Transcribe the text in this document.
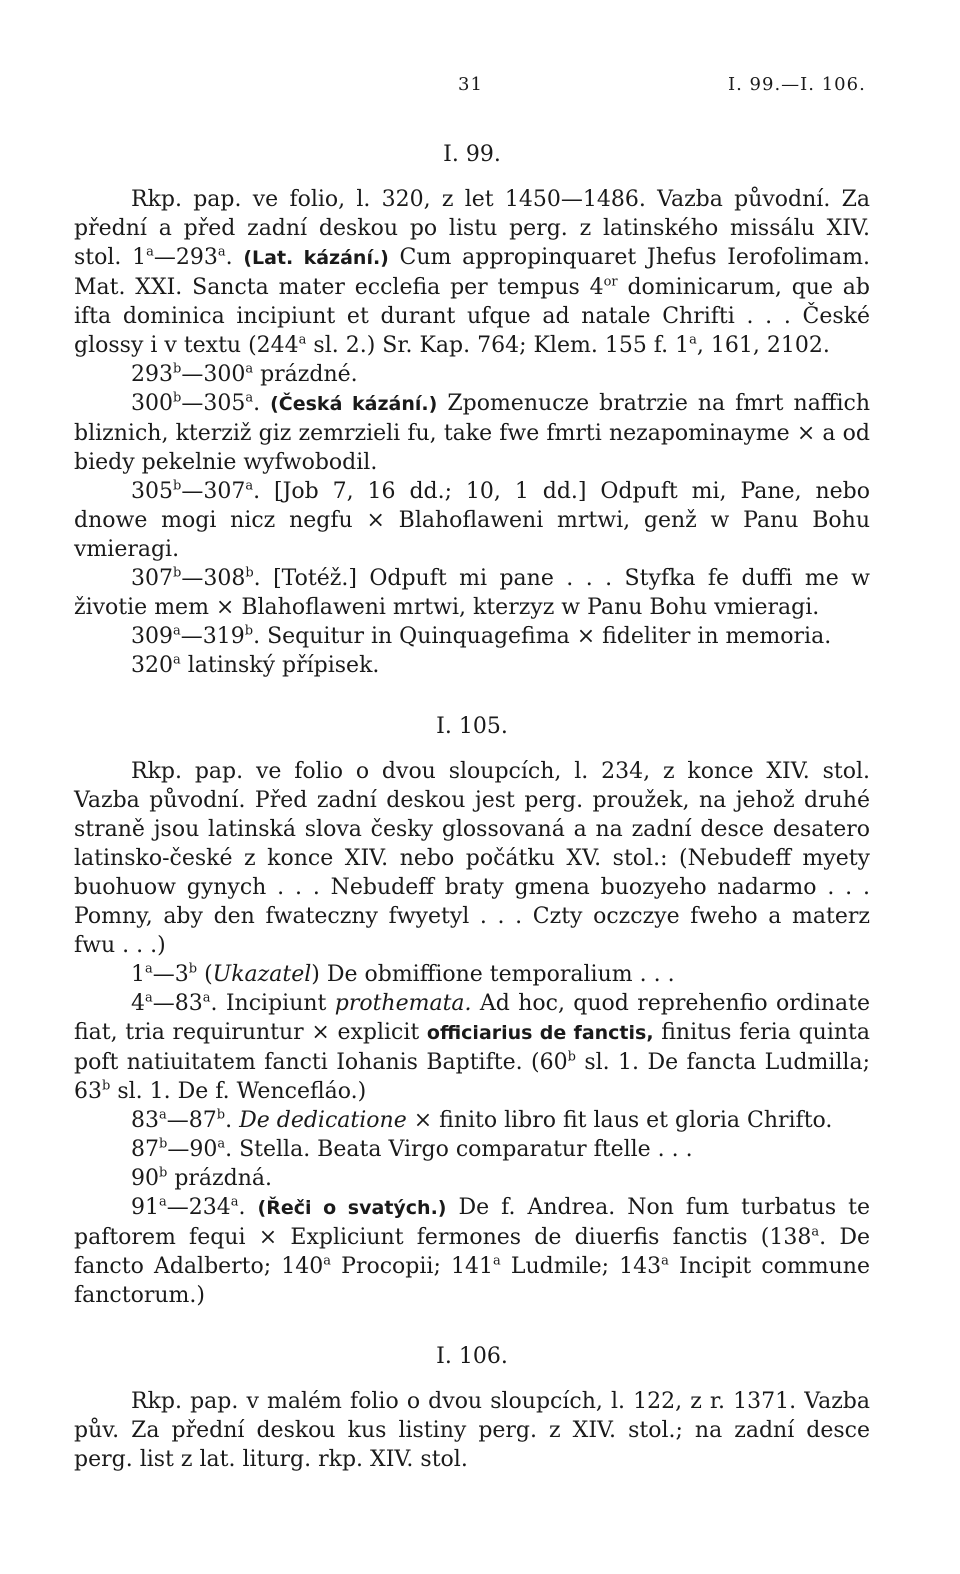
31	I. 99.—I. 106.

I. 99.

Rkp. pap. ve folio, l. 320, z let 1450—1486. Vazba původní. Za přední a před zadní deskou po listu perg. z latinského missálu XIV. stol. 1$^a$—293$^a$. (Lat. kázání.) Cum appropinquaret Jhefus Ierofolimam. Mat. XXI. Sancta mater ecclefia per tempus $4^{or}$ dominicarum, que ab ifta dominica incipiunt et durant ufque ad natale Chrifti . . . České glossy i v textu (244$^a$ sl. 2.) Sr. Kap. 764; Klem. 155 f. 1$^a$, 161, 2102.

293$^b$—300$^a$ prázdné.

300$^b$—305$^a$. (Česká kázání.) Zpomenucze bratrzie na fmrt naffich bliznich, kterziž giz zemrzieli fu, take fwe fmrti nezapominayme × a od biedy pekelnie wyfwobodil.

305$^b$—307$^a$. [Job 7, 16 dd.; 10, 1 dd.] Odpuft mi, Pane, nebo dnowe mogi nicz negfu × Blahoflaweni mrtwi, genž w Panu Bohu vmieragi.

307$^b$—308$^b$. [Totéž.] Odpuft mi pane . . . Styfka fe duffi me w životie mem × Blahoflaweni mrtwi, kterzyz w Panu Bohu vmieragi.

309$^a$—319$^b$. Sequitur in Quinquagefima × fideliter in memoria.

320$^a$ latinský přípisek.

I. 105.

Rkp. pap. ve folio o dvou sloupcích, l. 234, z konce XIV. stol. Vazba původní. Před zadní deskou jest perg. proužek, na jehož druhé straně jsou latinská slova česky glossovaná a na zadní desce desatero latinsko-české z konce XIV. nebo počátku XV. stol.: (Nebudeff myety buohuow gynych . . . Nebudeff braty gmena buozyeho nadarmo . . . Pomny, aby den fwateczny fwyetyl . . . Czty oczczye fweho a materz fwu . . .)

1$^a$—3$^b$ (Ukazatel) De obmiffione temporalium . . .

4$^a$—83$^a$. Incipiunt prothemata. Ad hoc, quod reprehenfio ordinate fiat, tria requiruntur × explicit officiarius de fanctis, finitus feria quinta poft natiuitatem fancti Iohanis Baptifte. (60$^b$ sl. 1. De fancta Ludmilla; 63$^b$ sl. 1. De f. Wencefláo.)

83$^a$—87$^b$. De dedicatione × finito libro fit laus et gloria Chrifto.

87$^b$—90$^a$. Stella. Beata Virgo comparatur ftelle . . .

90$^b$ prázdná.

91$^a$—234$^a$. (Řeči o svatých.) De f. Andrea. Non fum turbatus te paftorem fequi × Expliciunt fermones de diuerfis fanctis (138$^a$. De fancto Adalberto; 140$^a$ Procopii; 141$^a$ Ludmile; 143$^a$ Incipit commune fanctorum.)

I. 106.

Rkp. pap. v malém folio o dvou sloupcích, l. 122, z r. 1371. Vazba pův. Za přední deskou kus listiny perg. z XIV. stol.; na zadní desce perg. list z lat. liturg. rkp. XIV. stol.
